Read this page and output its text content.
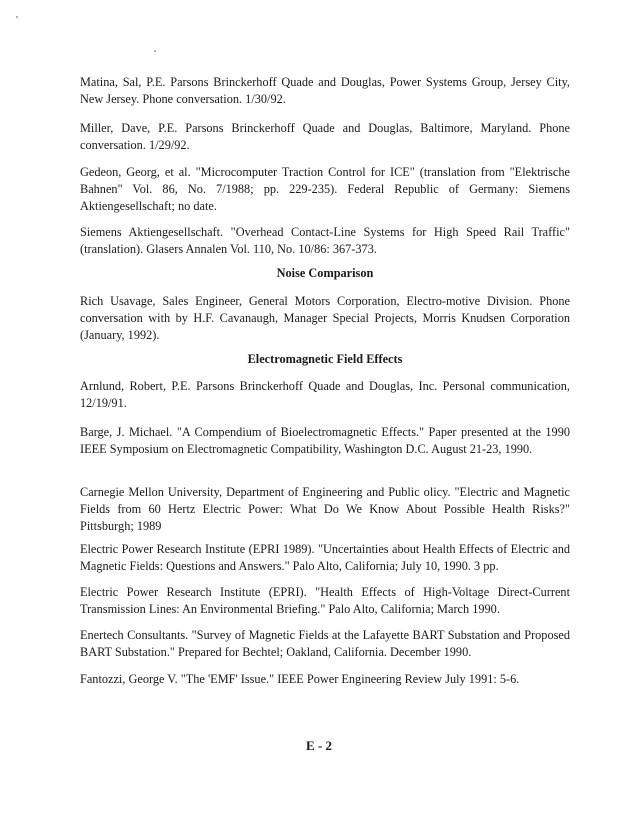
Matina, Sal, P.E. Parsons Brinckerhoff Quade and Douglas, Power Systems Group, Jersey City, New Jersey. Phone conversation. 1/30/92.

Miller, Dave, P.E. Parsons Brinckerhoff Quade and Douglas, Baltimore, Maryland. Phone conversation. 1/29/92.

Gedeon, Georg, et al. "Microcomputer Traction Control for ICE" (translation from "Elektrische Bahnen" Vol. 86, No. 7/1988; pp. 229-235). Federal Republic of Germany: Siemens Aktiengesellschaft; no date.

Siemens Aktiengesellschaft. "Overhead Contact-Line Systems for High Speed Rail Traffic" (translation). Glasers Annalen Vol. 110, No. 10/86: 367-373.

Noise Comparison

Rich Usavage, Sales Engineer, General Motors Corporation, Electro-motive Division. Phone conversation with by H.F. Cavanaugh, Manager Special Projects, Morris Knudsen Corporation (January, 1992).

Electromagnetic Field Effects

Arnlund, Robert, P.E. Parsons Brinckerhoff Quade and Douglas, Inc. Personal communication, 12/19/91.

Barge, J. Michael. "A Compendium of Bioelectromagnetic Effects." Paper presented at the 1990 IEEE Symposium on Electromagnetic Compatibility, Washington D.C. August 21-23, 1990.

Carnegie Mellon University, Department of Engineering and Public olicy. "Electric and Magnetic Fields from 60 Hertz Electric Power: What Do We Know About Possible Health Risks?" Pittsburgh; 1989

Electric Power Research Institute (EPRI 1989). "Uncertainties about Health Effects of Electric and Magnetic Fields: Questions and Answers." Palo Alto, California; July 10, 1990. 3 pp.

Electric Power Research Institute (EPRI). "Health Effects of High-Voltage Direct-Current Transmission Lines: An Environmental Briefing." Palo Alto, California; March 1990.

Enertech Consultants. "Survey of Magnetic Fields at the Lafayette BART Substation and Proposed BART Substation." Prepared for Bechtel; Oakland, California. December 1990.

Fantozzi, George V. "The 'EMF' Issue." IEEE Power Engineering Review July 1991: 5-6.

E - 2
